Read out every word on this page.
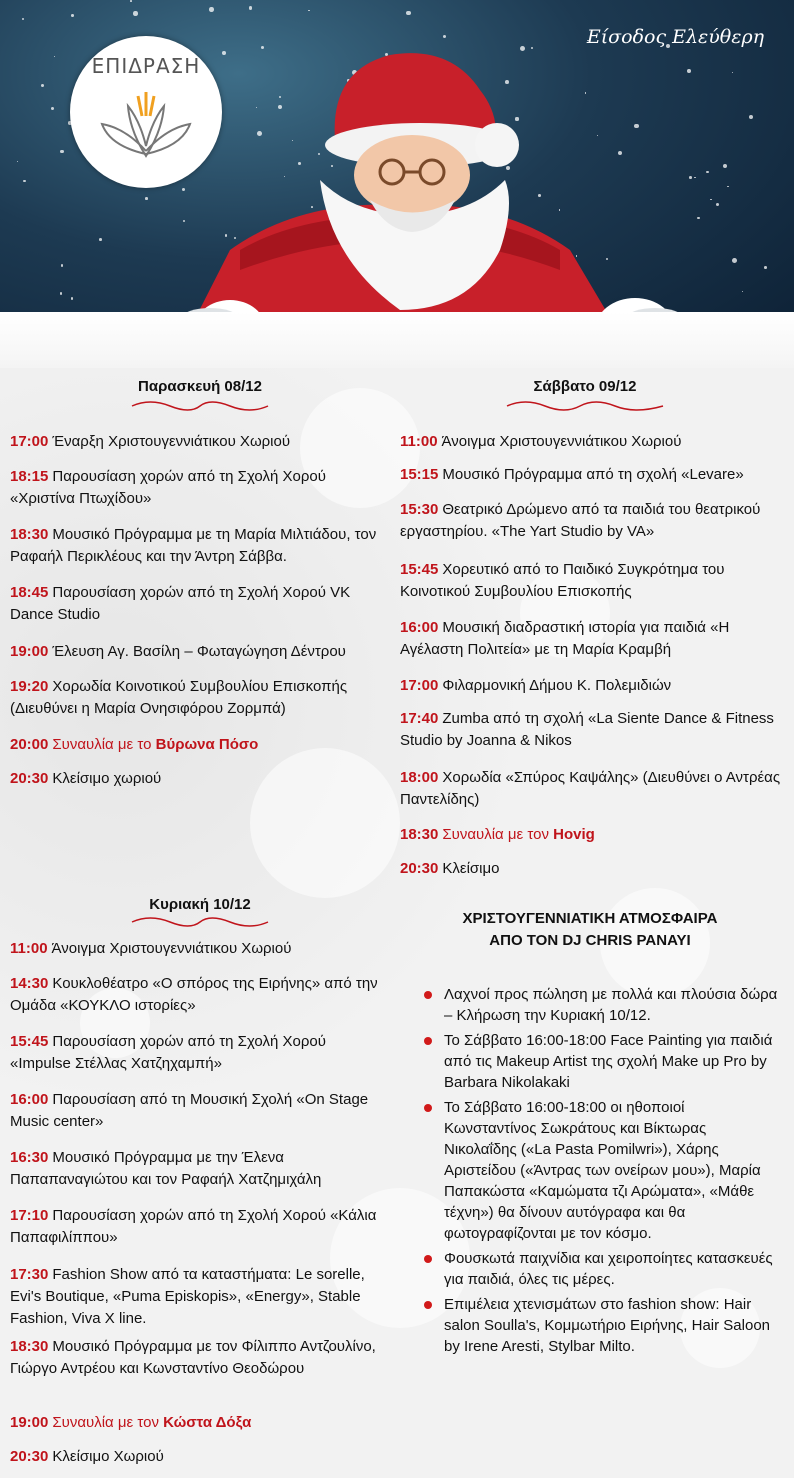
ΕΠΙΔΡΑΣΗ
Είσοδος Ελεύθερη
Παρασκευή 08/12	Σάββατο 09/12
Κυριακή 10/12
17:00 Έναρξη Χριστουγεννιάτικου Χωριού
18:15 Παρουσίαση χορών από τη Σχολή Χορού «Χριστίνα Πτωχίδου»
18:30 Μουσικό Πρόγραμμα με τη Μαρία Μιλτιάδου, τον Ραφαήλ Περικλέους και την Άντρη Σάββα.
18:45 Παρουσίαση χορών από τη Σχολή Χορού VK Dance Studio
19:00 Έλευση Αγ. Βασίλη – Φωταγώγηση Δέντρου
19:20 Χορωδία Κοινοτικού Συμβουλίου Επισκοπής (Διευθύνει η Μαρία Ονησιφόρου Ζορμπά)
20:00 Συναυλία με το Βύρωνα Πόσο
20:30 Κλείσιμο χωριού
11:00 Άνοιγμα Χριστουγεννιάτικου Χωριού
15:15 Μουσικό Πρόγραμμα από τη σχολή «Levare»
15:30 Θεατρικό Δρώμενο από τα παιδιά του θεατρικού εργαστηρίου. «The Yart Studio by VA»
15:45 Χορευτικό από το Παιδικό Συγκρότημα του Κοινοτικού Συμβουλίου Επισκοπής
16:00 Μουσική διαδραστική ιστορία για παιδιά «Η Αγέλαστη Πολιτεία» με τη Μαρία Κραμβή
17:00 Φιλαρμονική Δήμου Κ. Πολεμιδιών
17:40 Zumba από τη σχολή «La Siente Dance & Fitness Studio by Joanna & Nikos
18:00 Χορωδία «Σπύρος Καψάλης» (Διευθύνει ο Αντρέας Παντελίδης)
18:30 Συναυλία με τον Hovig
20:30 Κλείσιμο
11:00 Άνοιγμα Χριστουγεννιάτικου Χωριού
14:30 Κουκλοθέατρο «Ο σπόρος της Ειρήνης» από την Ομάδα «ΚΟΥΚΛΟ ιστορίες»
15:45 Παρουσίαση χορών από τη Σχολή Χορού «Impulse Στέλλας Χατζηχαμπή»
16:00 Παρουσίαση από τη Μουσική Σχολή «On Stage Music center»
16:30 Μουσικό Πρόγραμμα με την Έλενα Παπαπαναγιώτου και τον Ραφαήλ Χατζημιχάλη
17:10 Παρουσίαση χορών από τη Σχολή Χορού «Κάλια Παπαφιλίππου»
17:30 Fashion Show από τα καταστήματα: Le sorelle, Evi's Boutique, «Puma Episkopis», «Energy», Stable Fashion, Viva X line.
18:30 Μουσικό Πρόγραμμα με τον Φίλιππο Αντζουλίνο, Γιώργο Αντρέου και Κωνσταντίνο Θεοδώρου
19:00 Συναυλία με τον Κώστα Δόξα
20:30 Κλείσιμο Χωριού
ΧΡΙΣΤΟΥΓΕΝΝΙΑΤΙΚΗ ΑΤΜΟΣΦΑΙΡΑ
ΑΠΟ ΤΟΝ DJ CHRIS PANAYI
Λαχνοί προς πώληση με πολλά και πλούσια δώρα – Κλήρωση την Κυριακή 10/12.
Το Σάββατο 16:00-18:00 Face Painting για παιδιά από τις Makeup Artist της σχολή Make up Pro by Barbara Nikolakaki
Το Σάββατο 16:00-18:00 οι ηθοποιοί Κωνσταντίνος Σωκράτους και Βίκτωρας Νικολαΐδης («La Pasta Pomilwri»), Χάρης Αριστείδου («Άντρας των ονείρων μου»), Μαρία Παπακώστα «Καμώματα τζι Αρώματα», «Μάθε τέχνη») θα δίνουν αυτόγραφα και θα φωτογραφίζονται με τον κόσμο.
Φουσκωτά παιχνίδια και χειροποίητες κατασκευές για παιδιά, όλες τις μέρες.
Επιμέλεια χτενισμάτων στο fashion show: Hair salon Soulla's, Κομμωτήριο Ειρήνης, Hair Saloon by Irene Aresti, Stylbar Milto.
